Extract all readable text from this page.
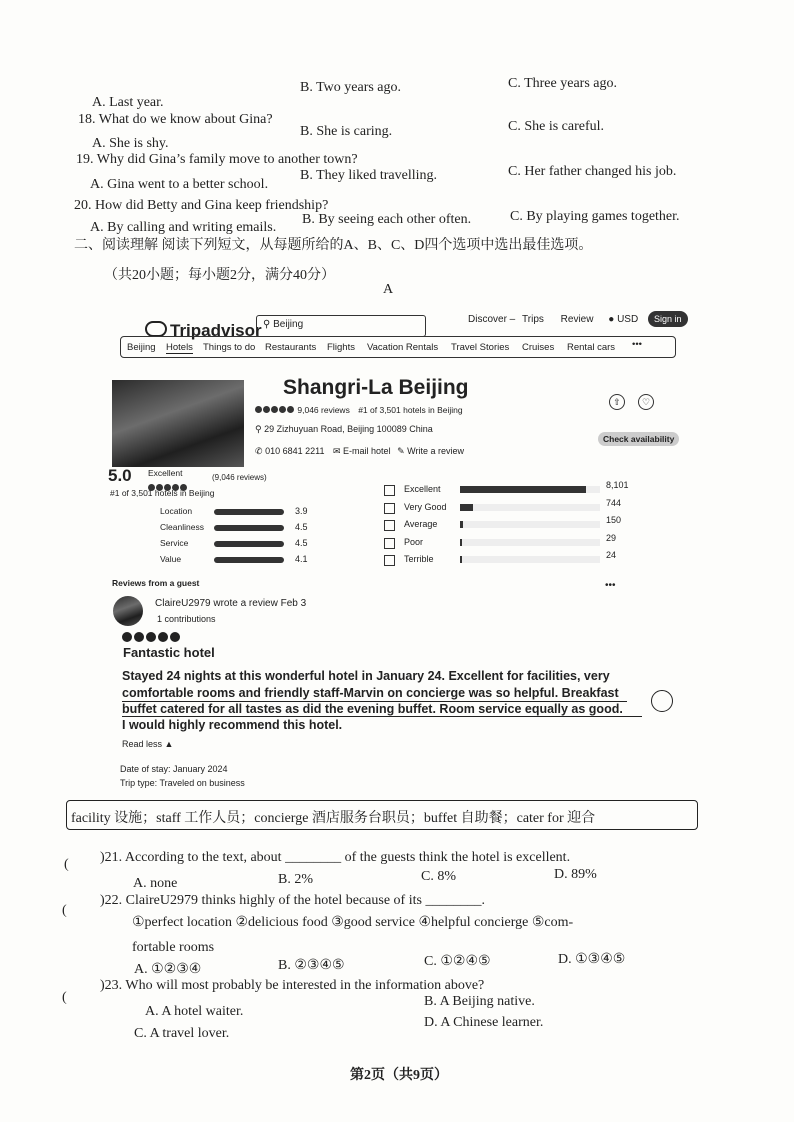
A. Last year.
B. Two years ago.	C. Three years ago.
18. What do we know about Gina?
A. She is shy.
B. She is caring.	C. She is careful.
19. Why did Gina’s family move to another town?
A. Gina went to a better school.
B. They liked travelling.	C. Her father changed his job.
20. How did Betty and Gina keep friendship?
A. By calling and writing emails.
B. By seeing each other often.	C. By playing games together.
二、阅读理解 阅读下列短文，从每题所给的A、B、C、D四个选项中选出最佳选项。
（共20小题；每小题2分，满分40分）
A
Tripadvisor ⚲ Beijing	Discover – Trips Review ● USD	Sign in
Beijing Hotels Things to do Restaurants Flights Vacation Rentals Travel Stories Cruises Rental cars •••
Shangri-La Beijing
9,046 reviews #1 of 3,501 hotels in Beijing
⚲ 29 Zizhuyuan Road, Beijing 100089 China
✆ 010 6841 2211 ✉ E-mail hotel ✎ Write a review
⇧	♡
Check availability
5.0 Excellent	(9,046 reviews)
#1 of 3,501 hotels in Beijing
Location	3.9
Cleanliness	4.5
Service	4.5
Value	4.1
Excellent	8,101
Very Good	744
Average	150
Poor	29
Terrible	24
Reviews from a guest	•••
ClaireU2979 wrote a review Feb 3
1 contributions
Fantastic hotel
Stayed 24 nights at this wonderful hotel in January 24. Excellent for facilities, very
comfortable rooms and friendly staff-Marvin on concierge was so helpful. Breakfast
buffet catered for all tastes as did the evening buffet. Room service equally as good.
I would highly recommend this hotel.
Read less ▲
Date of stay: January 2024
Trip type: Traveled on business
facility 设施；staff 工作人员；concierge 酒店服务台职员；buffet 自助餐；cater for 迎合
( )21. According to the text, about ________ of the guests think the hotel is excellent.
A. none	B. 2%	C. 8%	D. 89%
(
)22. ClaireU2979 thinks highly of the hotel because of its ________.
①perfect location ②delicious food ③good service ④helpful concierge ⑤com-
fortable rooms
A. ①②③④	B. ②③④⑤	C. ①②④⑤	D. ①③④⑤
(
)23. Who will most probably be interested in the information above?
A. A hotel waiter.
B. A Beijing native.
C. A travel lover.
D. A Chinese learner.
第2页（共9页）
